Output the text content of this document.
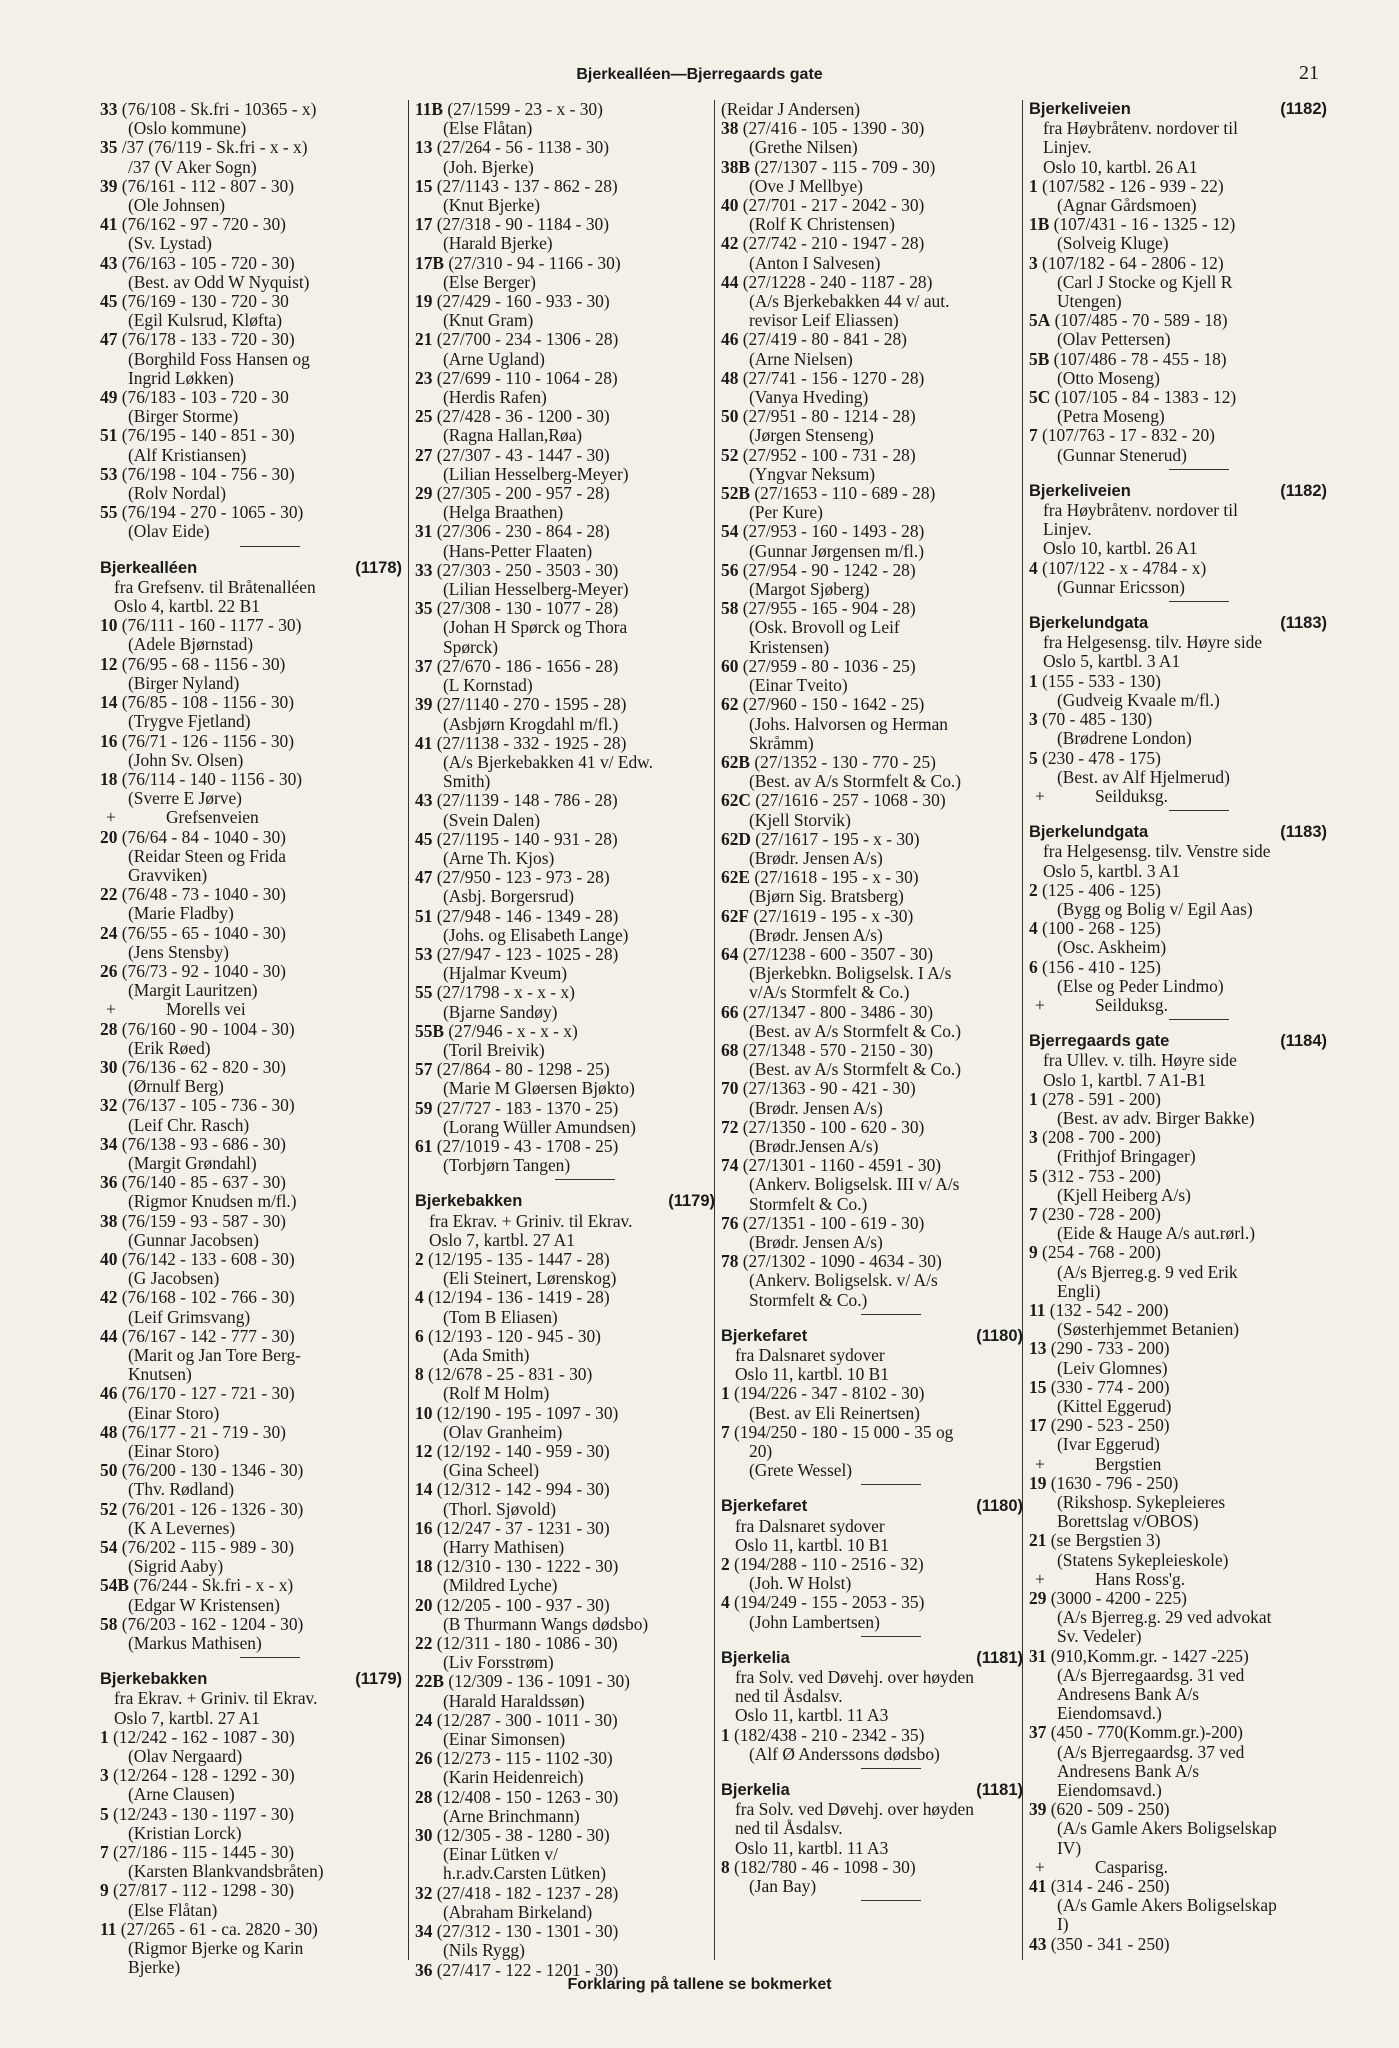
Bjerkealléen—Bjerregaards gate	21
33 (76/108 - Sk.fri - 10365 - x)
(Oslo kommune)
35 /37 (76/119 - Sk.fri - x - x)
/37 (V Aker Sogn)
39 (76/161 - 112 - 807 - 30)
(Ole Johnsen)
41 (76/162 - 97 - 720 - 30)
(Sv. Lystad)
43 (76/163 - 105 - 720 - 30)
(Best. av Odd W Nyquist)
45 (76/169 - 130 - 720 - 30
(Egil Kulsrud, Kløfta)
47 (76/178 - 133 - 720 - 30)
(Borghild Foss Hansen og
Ingrid Løkken)
49 (76/183 - 103 - 720 - 30
(Birger Storme)
51 (76/195 - 140 - 851 - 30)
(Alf Kristiansen)
53 (76/198 - 104 - 756 - 30)
(Rolv Nordal)
55 (76/194 - 270 - 1065 - 30)
(Olav Eide)
Bjerkealléen	(1178)
fra Grefsenv. til Bråtenalléen
Oslo 4, kartbl. 22 B1
10 (76/111 - 160 - 1177 - 30)
(Adele Bjørnstad)
12 (76/95 - 68 - 1156 - 30)
(Birger Nyland)
14 (76/85 - 108 - 1156 - 30)
(Trygve Fjetland)
16 (76/71 - 126 - 1156 - 30)
(John Sv. Olsen)
18 (76/114 - 140 - 1156 - 30)
(Sverre E Jørve)
+	Grefsenveien
20 (76/64 - 84 - 1040 - 30)
(Reidar Steen og Frida
Gravviken)
22 (76/48 - 73 - 1040 - 30)
(Marie Fladby)
24 (76/55 - 65 - 1040 - 30)
(Jens Stensby)
26 (76/73 - 92 - 1040 - 30)
(Margit Lauritzen)
+	Morells vei
28 (76/160 - 90 - 1004 - 30)
(Erik Røed)
30 (76/136 - 62 - 820 - 30)
(Ørnulf Berg)
32 (76/137 - 105 - 736 - 30)
(Leif Chr. Rasch)
34 (76/138 - 93 - 686 - 30)
(Margit Grøndahl)
36 (76/140 - 85 - 637 - 30)
(Rigmor Knudsen m/fl.)
38 (76/159 - 93 - 587 - 30)
(Gunnar Jacobsen)
40 (76/142 - 133 - 608 - 30)
(G Jacobsen)
42 (76/168 - 102 - 766 - 30)
(Leif Grimsvang)
44 (76/167 - 142 - 777 - 30)
(Marit og Jan Tore Berg-
Knutsen)
46 (76/170 - 127 - 721 - 30)
(Einar Storo)
48 (76/177 - 21 - 719 - 30)
(Einar Storo)
50 (76/200 - 130 - 1346 - 30)
(Thv. Rødland)
52 (76/201 - 126 - 1326 - 30)
(K A Levernes)
54 (76/202 - 115 - 989 - 30)
(Sigrid Aaby)
54B (76/244 - Sk.fri - x - x)
(Edgar W Kristensen)
58 (76/203 - 162 - 1204 - 30)
(Markus Mathisen)
Bjerkebakken	(1179)
fra Ekrav. + Griniv. til Ekrav.
Oslo 7, kartbl. 27 A1
1 (12/242 - 162 - 1087 - 30)
(Olav Nergaard)
3 (12/264 - 128 - 1292 - 30)
(Arne Clausen)
5 (12/243 - 130 - 1197 - 30)
(Kristian Lorck)
7 (27/186 - 115 - 1445 - 30)
(Karsten Blankvandsbråten)
9 (27/817 - 112 - 1298 - 30)
(Else Flåtan)
11 (27/265 - 61 - ca. 2820 - 30)
(Rigmor Bjerke og Karin
Bjerke)
11B (27/1599 - 23 - x - 30)
(Else Flåtan)
13 (27/264 - 56 - 1138 - 30)
(Joh. Bjerke)
15 (27/1143 - 137 - 862 - 28)
(Knut Bjerke)
17 (27/318 - 90 - 1184 - 30)
(Harald Bjerke)
17B (27/310 - 94 - 1166 - 30)
(Else Berger)
19 (27/429 - 160 - 933 - 30)
(Knut Gram)
21 (27/700 - 234 - 1306 - 28)
(Arne Ugland)
23 (27/699 - 110 - 1064 - 28)
(Herdis Rafen)
25 (27/428 - 36 - 1200 - 30)
(Ragna Hallan,Røa)
27 (27/307 - 43 - 1447 - 30)
(Lilian Hesselberg-Meyer)
29 (27/305 - 200 - 957 - 28)
(Helga Braathen)
31 (27/306 - 230 - 864 - 28)
(Hans-Petter Flaaten)
33 (27/303 - 250 - 3503 - 30)
(Lilian Hesselberg-Meyer)
35 (27/308 - 130 - 1077 - 28)
(Johan H Spørck og Thora
Spørck)
37 (27/670 - 186 - 1656 - 28)
(L Kornstad)
39 (27/1140 - 270 - 1595 - 28)
(Asbjørn Krogdahl m/fl.)
41 (27/1138 - 332 - 1925 - 28)
(A/s Bjerkebakken 41 v/ Edw.
Smith)
43 (27/1139 - 148 - 786 - 28)
(Svein Dalen)
45 (27/1195 - 140 - 931 - 28)
(Arne Th. Kjos)
47 (27/950 - 123 - 973 - 28)
(Asbj. Borgersrud)
51 (27/948 - 146 - 1349 - 28)
(Johs. og Elisabeth Lange)
53 (27/947 - 123 - 1025 - 28)
(Hjalmar Kveum)
55 (27/1798 - x - x - x)
(Bjarne Sandøy)
55B (27/946 - x - x - x)
(Toril Breivik)
57 (27/864 - 80 - 1298 - 25)
(Marie M Gløersen Bjøkto)
59 (27/727 - 183 - 1370 - 25)
(Lorang Wüller Amundsen)
61 (27/1019 - 43 - 1708 - 25)
(Torbjørn Tangen)
Bjerkebakken	(1179)
fra Ekrav. + Griniv. til Ekrav.
Oslo 7, kartbl. 27 A1
2 (12/195 - 135 - 1447 - 28)
(Eli Steinert, Lørenskog)
4 (12/194 - 136 - 1419 - 28)
(Tom B Eliasen)
6 (12/193 - 120 - 945 - 30)
(Ada Smith)
8 (12/678 - 25 - 831 - 30)
(Rolf M Holm)
10 (12/190 - 195 - 1097 - 30)
(Olav Granheim)
12 (12/192 - 140 - 959 - 30)
(Gina Scheel)
14 (12/312 - 142 - 994 - 30)
(Thorl. Sjøvold)
16 (12/247 - 37 - 1231 - 30)
(Harry Mathisen)
18 (12/310 - 130 - 1222 - 30)
(Mildred Lyche)
20 (12/205 - 100 - 937 - 30)
(B Thurmann Wangs dødsbo)
22 (12/311 - 180 - 1086 - 30)
(Liv Forsstrøm)
22B (12/309 - 136 - 1091 - 30)
(Harald Haraldssøn)
24 (12/287 - 300 - 1011 - 30)
(Einar Simonsen)
26 (12/273 - 115 - 1102 -30)
(Karin Heidenreich)
28 (12/408 - 150 - 1263 - 30)
(Arne Brinchmann)
30 (12/305 - 38 - 1280 - 30)
(Einar Lütken v/
h.r.adv.Carsten Lütken)
32 (27/418 - 182 - 1237 - 28)
(Abraham Birkeland)
34 (27/312 - 130 - 1301 - 30)
(Nils Rygg)
36 (27/417 - 122 - 1201 - 30)
(Reidar J Andersen)
38 (27/416 - 105 - 1390 - 30)
(Grethe Nilsen)
38B (27/1307 - 115 - 709 - 30)
(Ove J Mellbye)
40 (27/701 - 217 - 2042 - 30)
(Rolf K Christensen)
42 (27/742 - 210 - 1947 - 28)
(Anton I Salvesen)
44 (27/1228 - 240 - 1187 - 28)
(A/s Bjerkebakken 44 v/ aut.
revisor Leif Eliassen)
46 (27/419 - 80 - 841 - 28)
(Arne Nielsen)
48 (27/741 - 156 - 1270 - 28)
(Vanya Hveding)
50 (27/951 - 80 - 1214 - 28)
(Jørgen Stenseng)
52 (27/952 - 100 - 731 - 28)
(Yngvar Neksum)
52B (27/1653 - 110 - 689 - 28)
(Per Kure)
54 (27/953 - 160 - 1493 - 28)
(Gunnar Jørgensen m/fl.)
56 (27/954 - 90 - 1242 - 28)
(Margot Sjøberg)
58 (27/955 - 165 - 904 - 28)
(Osk. Brovoll og Leif
Kristensen)
60 (27/959 - 80 - 1036 - 25)
(Einar Tveito)
62 (27/960 - 150 - 1642 - 25)
(Johs. Halvorsen og Herman
Skråmm)
62B (27/1352 - 130 - 770 - 25)
(Best. av A/s Stormfelt & Co.)
62C (27/1616 - 257 - 1068 - 30)
(Kjell Storvik)
62D (27/1617 - 195 - x - 30)
(Brødr. Jensen A/s)
62E (27/1618 - 195 - x - 30)
(Bjørn Sig. Bratsberg)
62F (27/1619 - 195 - x -30)
(Brødr. Jensen A/s)
64 (27/1238 - 600 - 3507 - 30)
(Bjerkebkn. Boligselsk. I A/s
v/A/s Stormfelt & Co.)
66 (27/1347 - 800 - 3486 - 30)
(Best. av A/s Stormfelt & Co.)
68 (27/1348 - 570 - 2150 - 30)
(Best. av A/s Stormfelt & Co.)
70 (27/1363 - 90 - 421 - 30)
(Brødr. Jensen A/s)
72 (27/1350 - 100 - 620 - 30)
(Brødr.Jensen A/s)
74 (27/1301 - 1160 - 4591 - 30)
(Ankerv. Boligselsk. III v/ A/s
Stormfelt & Co.)
76 (27/1351 - 100 - 619 - 30)
(Brødr. Jensen A/s)
78 (27/1302 - 1090 - 4634 - 30)
(Ankerv. Boligselsk. v/ A/s
Stormfelt & Co.)
Bjerkefaret	(1180)
fra Dalsnaret sydover
Oslo 11, kartbl. 10 B1
1 (194/226 - 347 - 8102 - 30)
(Best. av Eli Reinertsen)
7 (194/250 - 180 - 15 000 - 35 og
20)
(Grete Wessel)
Bjerkefaret	(1180)
fra Dalsnaret sydover
Oslo 11, kartbl. 10 B1
2 (194/288 - 110 - 2516 - 32)
(Joh. W Holst)
4 (194/249 - 155 - 2053 - 35)
(John Lambertsen)
Bjerkelia	(1181)
fra Solv. ved Døvehj. over høyden
ned til Åsdalsv.
Oslo 11, kartbl. 11 A3
1 (182/438 - 210 - 2342 - 35)
(Alf Ø Anderssons dødsbo)
Bjerkelia	(1181)
fra Solv. ved Døvehj. over høyden
ned til Åsdalsv.
Oslo 11, kartbl. 11 A3
8 (182/780 - 46 - 1098 - 30)
(Jan Bay)
Bjerkeliveien	(1182)
fra Høybråtenv. nordover til
Linjev.
Oslo 10, kartbl. 26 A1
1 (107/582 - 126 - 939 - 22)
(Agnar Gårdsmoen)
1B (107/431 - 16 - 1325 - 12)
(Solveig Kluge)
3 (107/182 - 64 - 2806 - 12)
(Carl J Stocke og Kjell R
Utengen)
5A (107/485 - 70 - 589 - 18)
(Olav Pettersen)
5B (107/486 - 78 - 455 - 18)
(Otto Moseng)
5C (107/105 - 84 - 1383 - 12)
(Petra Moseng)
7 (107/763 - 17 - 832 - 20)
(Gunnar Stenerud)
Bjerkeliveien	(1182)
fra Høybråtenv. nordover til
Linjev.
Oslo 10, kartbl. 26 A1
4 (107/122 - x - 4784 - x)
(Gunnar Ericsson)
Bjerkelundgata	(1183)
fra Helgesensg. tilv. Høyre side
Oslo 5, kartbl. 3 A1
1 (155 - 533 - 130)
(Gudveig Kvaale m/fl.)
3 (70 - 485 - 130)
(Brødrene London)
5 (230 - 478 - 175)
(Best. av Alf Hjelmerud)
+	Seilduksg.
Bjerkelundgata	(1183)
fra Helgesensg. tilv. Venstre side
Oslo 5, kartbl. 3 A1
2 (125 - 406 - 125)
(Bygg og Bolig v/ Egil Aas)
4 (100 - 268 - 125)
(Osc. Askheim)
6 (156 - 410 - 125)
(Else og Peder Lindmo)
+	Seilduksg.
Bjerregaards gate	(1184)
fra Ullev. v. tilh. Høyre side
Oslo 1, kartbl. 7 A1-B1
1 (278 - 591 - 200)
(Best. av adv. Birger Bakke)
3 (208 - 700 - 200)
(Frithjof Bringager)
5 (312 - 753 - 200)
(Kjell Heiberg A/s)
7 (230 - 728 - 200)
(Eide & Hauge A/s aut.rørl.)
9 (254 - 768 - 200)
(A/s Bjerreg.g. 9 ved Erik
Engli)
11 (132 - 542 - 200)
(Søsterhjemmet Betanien)
13 (290 - 733 - 200)
(Leiv Glomnes)
15 (330 - 774 - 200)
(Kittel Eggerud)
17 (290 - 523 - 250)
(Ivar Eggerud)
+	Bergstien
19 (1630 - 796 - 250)
(Rikshosp. Sykepleieres
Borettslag v/OBOS)
21 (se Bergstien 3)
(Statens Sykepleieskole)
+	Hans Ross'g.
29 (3000 - 4200 - 225)
(A/s Bjerreg.g. 29 ved advokat
Sv. Vedeler)
31 (910,Komm.gr. - 1427 -225)
(A/s Bjerregaardsg. 31 ved
Andresens Bank A/s
Eiendomsavd.)
37 (450 - 770(Komm.gr.)-200)
(A/s Bjerregaardsg. 37 ved
Andresens Bank A/s
Eiendomsavd.)
39 (620 - 509 - 250)
(A/s Gamle Akers Boligselskap
IV)
+	Casparisg.
41 (314 - 246 - 250)
(A/s Gamle Akers Boligselskap
I)
43 (350 - 341 - 250)
Forklaring på tallene se bokmerket
